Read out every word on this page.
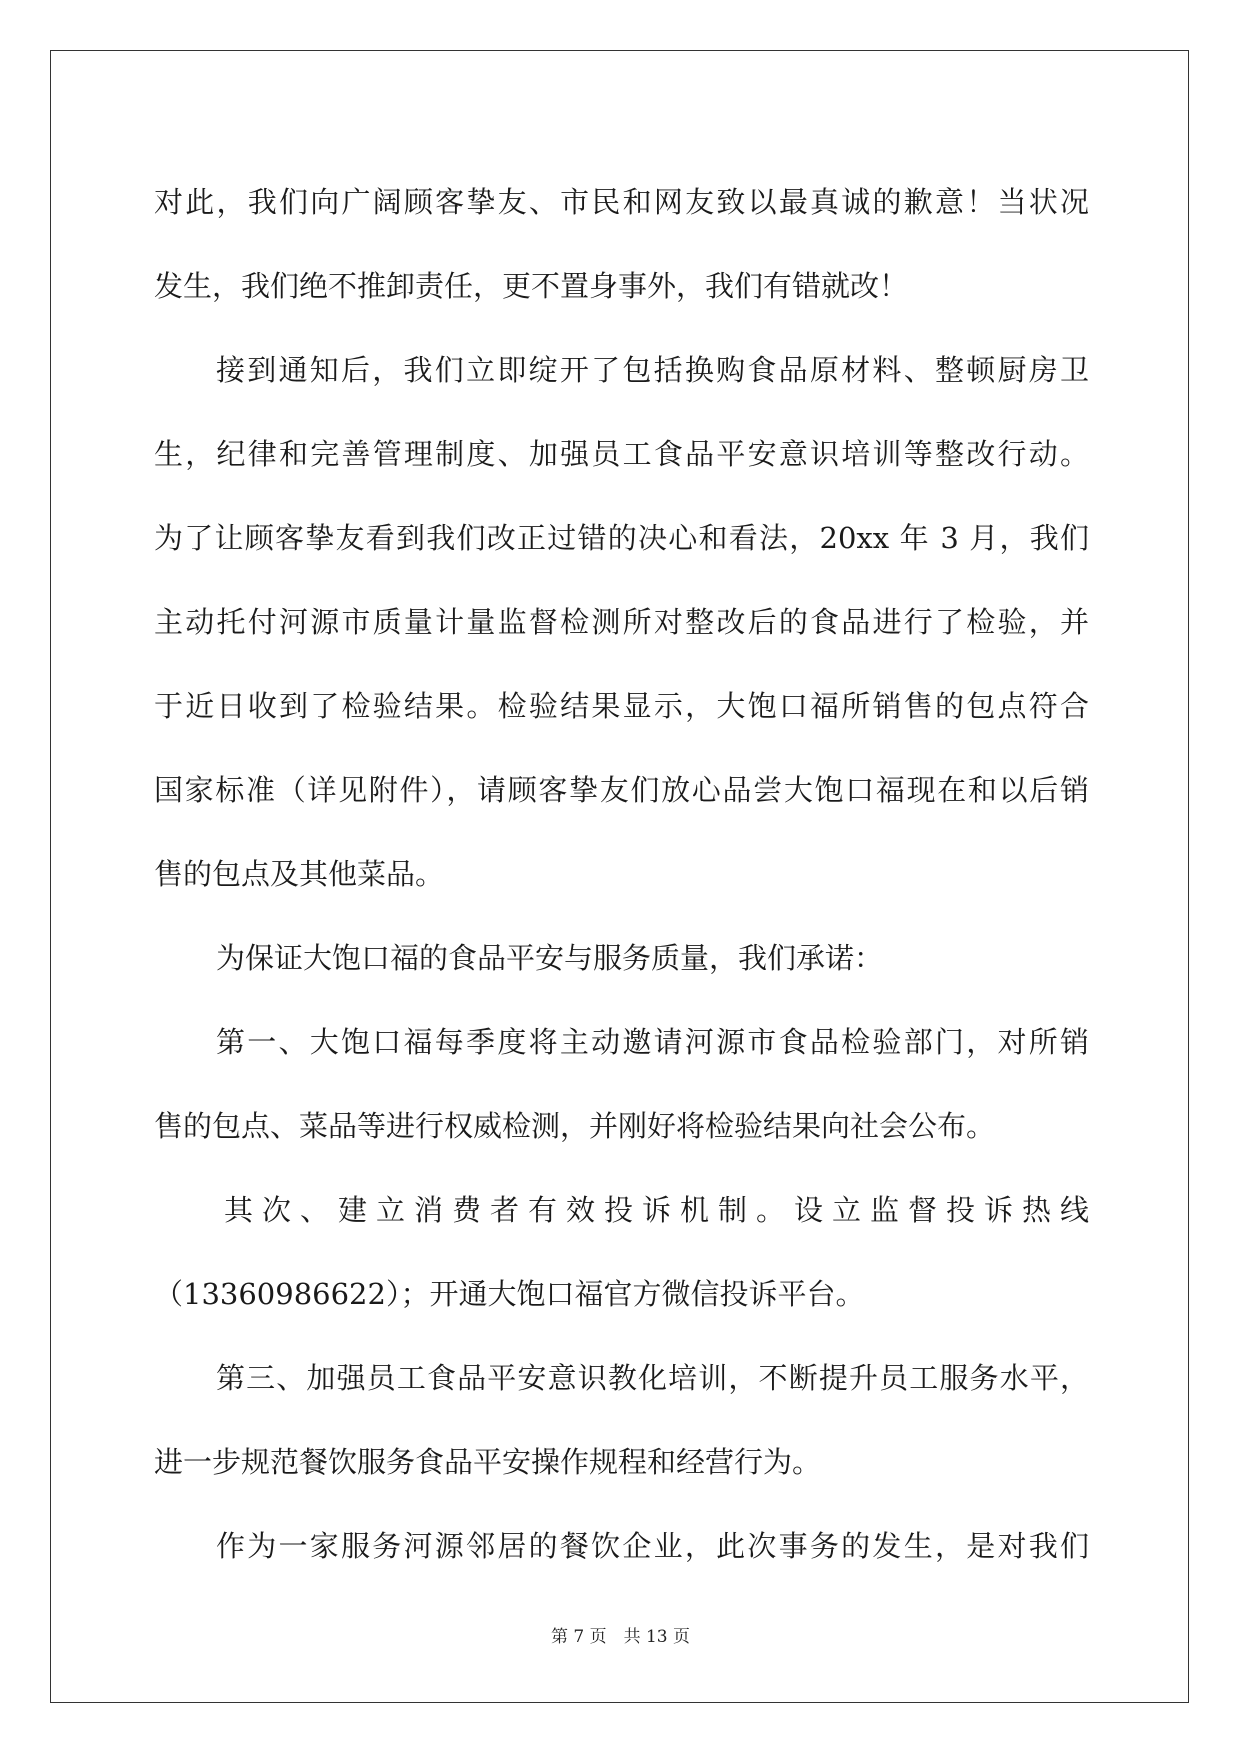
对此，我们向广阔顾客挚友、市民和网友致以最真诚的歉意！当状况
发生，我们绝不推卸责任，更不置身事外，我们有错就改！
接到通知后，我们立即绽开了包括换购食品原材料、整顿厨房卫
生，纪律和完善管理制度、加强员工食品平安意识培训等整改行动。
为了让顾客挚友看到我们改正过错的决心和看法，20xx 年 3 月，我们
主动托付河源市质量计量监督检测所对整改后的食品进行了检验，并
于近日收到了检验结果。检验结果显示，大饱口福所销售的包点符合
国家标准（详见附件），请顾客挚友们放心品尝大饱口福现在和以后销
售的包点及其他菜品。
为保证大饱口福的食品平安与服务质量，我们承诺：
第一、大饱口福每季度将主动邀请河源市食品检验部门，对所销
售的包点、菜品等进行权威检测，并刚好将检验结果向社会公布。
其次、建立消费者有效投诉机制。设立监督投诉热线
（13360986622）；开通大饱口福官方微信投诉平台。
第三、加强员工食品平安意识教化培训，不断提升员工服务水平，
进一步规范餐饮服务食品平安操作规程和经营行为。
作为一家服务河源邻居的餐饮企业，此次事务的发生，是对我们
第 7 页　共 13 页
